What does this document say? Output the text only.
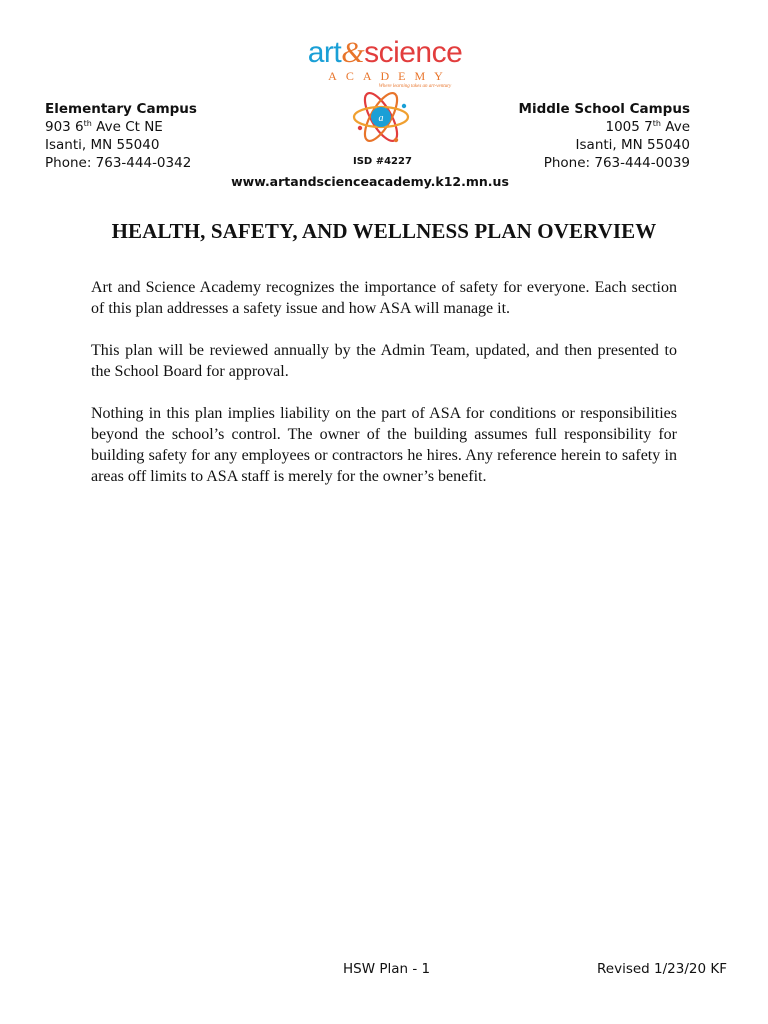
art&science
ACADEMY
Where learning takes an art-ventury
a
Elementary Campus
903 6th Ave Ct NE
Isanti, MN 55040
Phone: 763-444-0342
Middle School Campus
1005 7th Ave
Isanti, MN 55040
Phone: 763-444-0039
ISD #4227
www.artandscienceacademy.k12.mn.us
HEALTH, SAFETY, AND WELLNESS PLAN OVERVIEW

Art and Science Academy recognizes the importance of safety for everyone. Each section of this plan addresses a safety issue and how ASA will manage it.

This plan will be reviewed annually by the Admin Team, updated, and then presented to the School Board for approval.

Nothing in this plan implies liability on the part of ASA for conditions or responsibilities beyond the school’s control. The owner of the building assumes full responsibility for building safety for any employees or contractors he hires. Any reference herein to safety in areas off limits to ASA staff is merely for the owner’s benefit.

HSW Plan - 1	Revised 1/23/20 KF
